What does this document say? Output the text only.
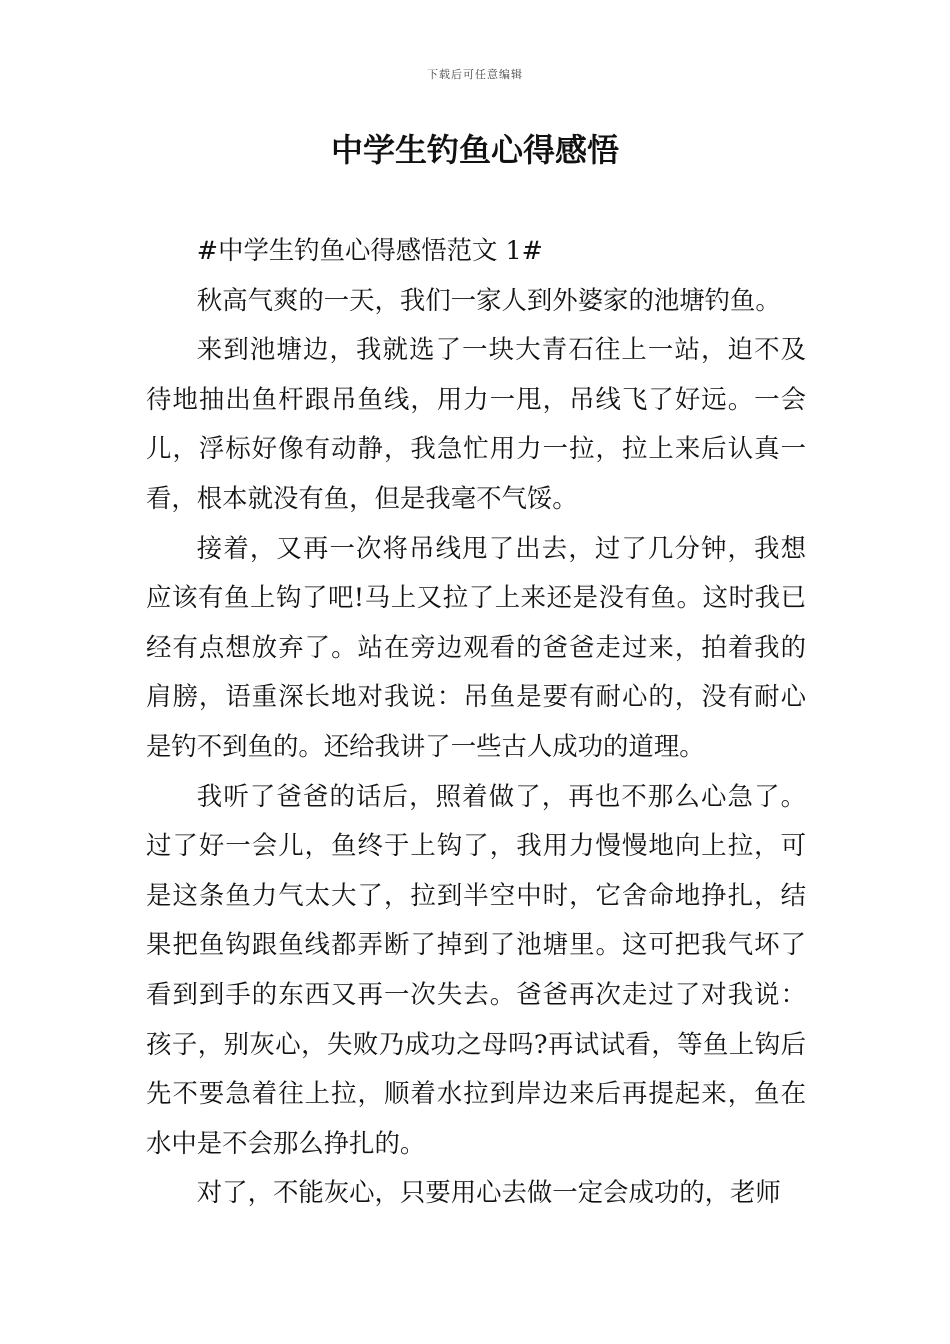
下载后可任意编辑
中学生钓鱼心得感悟

#中学生钓鱼心得感悟范文 1#

秋高气爽的一天，我们一家人到外婆家的池塘钓鱼。

来到池塘边，我就选了一块大青石往上一站，迫不及待地抽出鱼杆跟吊鱼线，用力一甩，吊线飞了好远。一会儿，浮标好像有动静，我急忙用力一拉，拉上来后认真一看，根本就没有鱼，但是我毫不气馁。

接着，又再一次将吊线甩了出去，过了几分钟，我想应该有鱼上钩了吧!马上又拉了上来还是没有鱼。这时我已经有点想放弃了。站在旁边观看的爸爸走过来，拍着我的肩膀，语重深长地对我说：吊鱼是要有耐心的，没有耐心是钓不到鱼的。还给我讲了一些古人成功的道理。

我听了爸爸的话后，照着做了，再也不那么心急了。过了好一会儿，鱼终于上钩了，我用力慢慢地向上拉，可是这条鱼力气太大了，拉到半空中时，它舍命地挣扎，结果把鱼钩跟鱼线都弄断了掉到了池塘里。这可把我气坏了看到到手的东西又再一次失去。爸爸再次走过了对我说：孩子，别灰心，失败乃成功之母吗?再试试看，等鱼上钩后先不要急着往上拉，顺着水拉到岸边来后再提起来，鱼在水中是不会那么挣扎的。

对了，不能灰心，只要用心去做一定会成功的，老师
